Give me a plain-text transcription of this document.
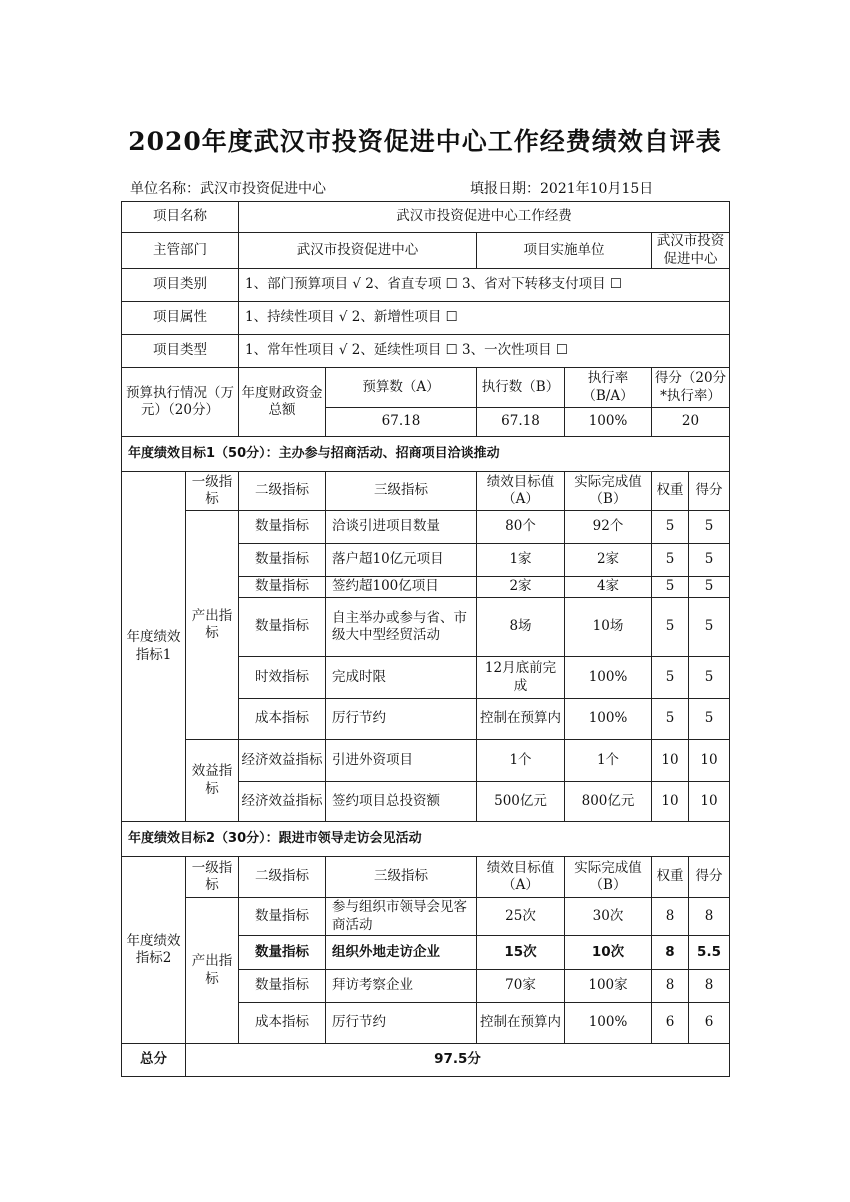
2020年度武汉市投资促进中心工作经费绩效自评表
单位名称：武汉市投资促进中心	填报日期：2021年10月15日
项目名称		武汉市投资促进中心工作经费					
主管部门		武汉市投资促进中心		项目实施单位		武汉市投资促进中心	
项目类别		1、部门预算项目 √ 2、省直专项 ☐ 3、省对下转移支付项目 ☐					
项目属性		1、持续性项目 √ 2、新增性项目 ☐					
项目类型		1、常年性项目 √ 2、延续性项目 ☐ 3、一次性项目 ☐					
预算执行情况（万元）（20分）		年度财政资金总额	预算数（A）	执行数（B）	执行率（B/A）	得分（20分*执行率）	
			67.18	67.18	100%	20	
年度绩效目标1（50分）：主办参与招商活动、招商项目洽谈推动							
年度绩效指标1	一级指标	二级指标	三级指标	绩效目标值（A）	实际完成值（B）	权重	得分
	产出指标	数量指标	洽谈引进项目数量	80个	92个	5	5
		数量指标	落户超10亿元项目	1家	2家	5	5
		数量指标	签约超100亿项目	2家	4家	5	5
		数量指标	自主举办或参与省、市级大中型经贸活动	8场	10场	5	5
		时效指标	完成时限	12月底前完成	100%	5	5
		成本指标	厉行节约	控制在预算内	100%	5	5
	效益指标	经济效益指标	引进外资项目	1个	1个	10	10
		经济效益指标	签约项目总投资额	500亿元	800亿元	10	10
年度绩效目标2（30分）：跟进市领导走访会见活动							
年度绩效指标2	一级指标	二级指标	三级指标	绩效目标值（A）	实际完成值（B）	权重	得分
	产出指标	数量指标	参与组织市领导会见客商活动	25次	30次	8	8
		数量指标	组织外地走访企业	15次	10次	8	5.5
		数量指标	拜访考察企业	70家	100家	8	8
		成本指标	厉行节约	控制在预算内	100%	6	6
总分	97.5分						
